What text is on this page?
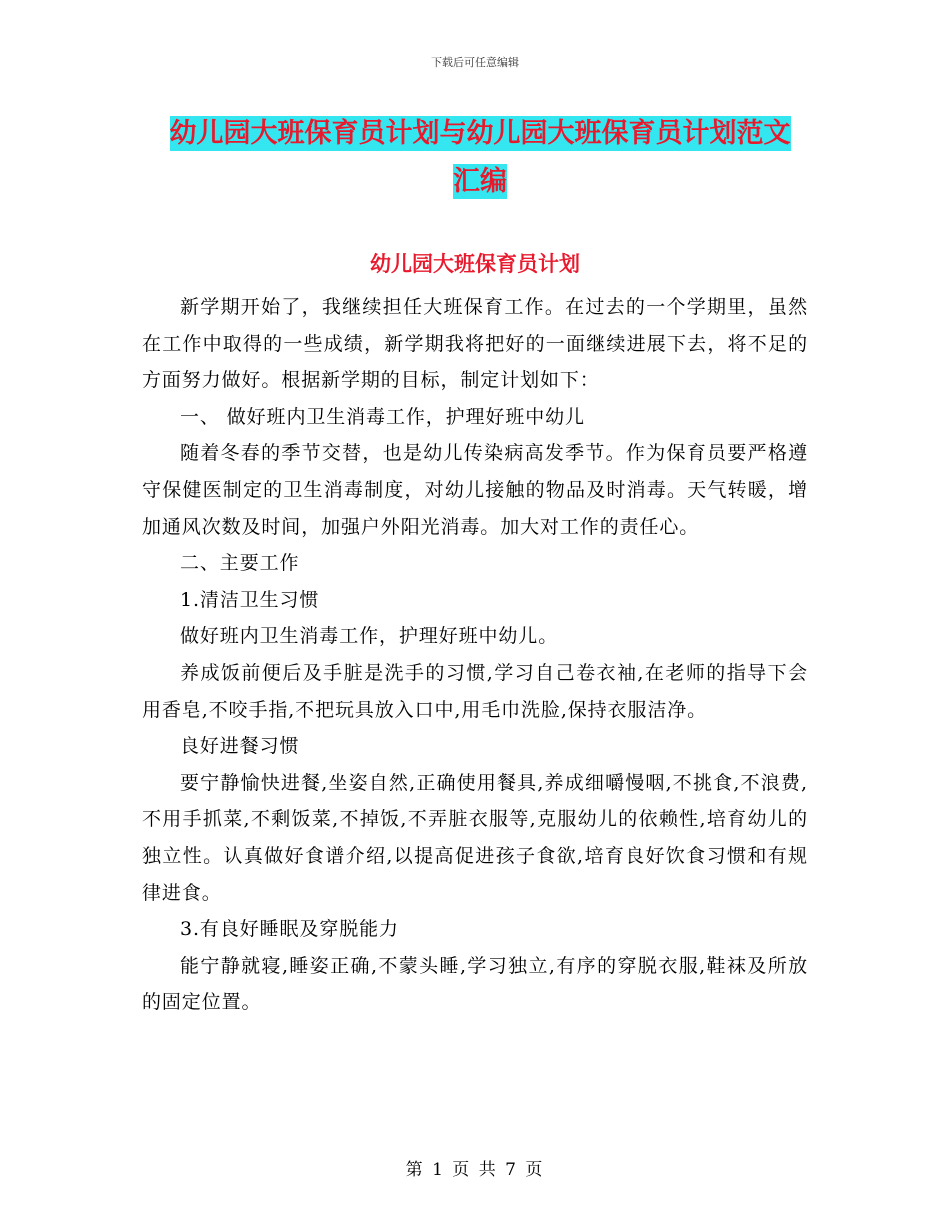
下载后可任意编辑
幼儿园大班保育员计划与幼儿园大班保育员计划范文
汇编
幼儿园大班保育员计划

新学期开始了，我继续担任大班保育工作。在过去的一个学期里，虽然在工作中取得的一些成绩，新学期我将把好的一面继续进展下去，将不足的方面努力做好。根据新学期的目标，制定计划如下：

一、 做好班内卫生消毒工作，护理好班中幼儿

随着冬春的季节交替，也是幼儿传染病高发季节。作为保育员要严格遵守保健医制定的卫生消毒制度，对幼儿接触的物品及时消毒。天气转暖，增加通风次数及时间，加强户外阳光消毒。加大对工作的责任心。

二、主要工作

1.清洁卫生习惯

做好班内卫生消毒工作，护理好班中幼儿。

养成饭前便后及手脏是洗手的习惯,学习自己卷衣袖,在老师的指导下会用香皂,不咬手指,不把玩具放入口中,用毛巾洗脸,保持衣服洁净。

良好进餐习惯

要宁静愉快进餐,坐姿自然,正确使用餐具,养成细嚼慢咽,不挑食,不浪费,不用手抓菜,不剩饭菜,不掉饭,不弄脏衣服等,克服幼儿的依赖性,培育幼儿的独立性。认真做好食谱介绍,以提高促进孩子食欲,培育良好饮食习惯和有规律进食。

3.有良好睡眠及穿脱能力

能宁静就寝,睡姿正确,不蒙头睡,学习独立,有序的穿脱衣服,鞋袜及所放的固定位置。

第 1 页 共 7 页
